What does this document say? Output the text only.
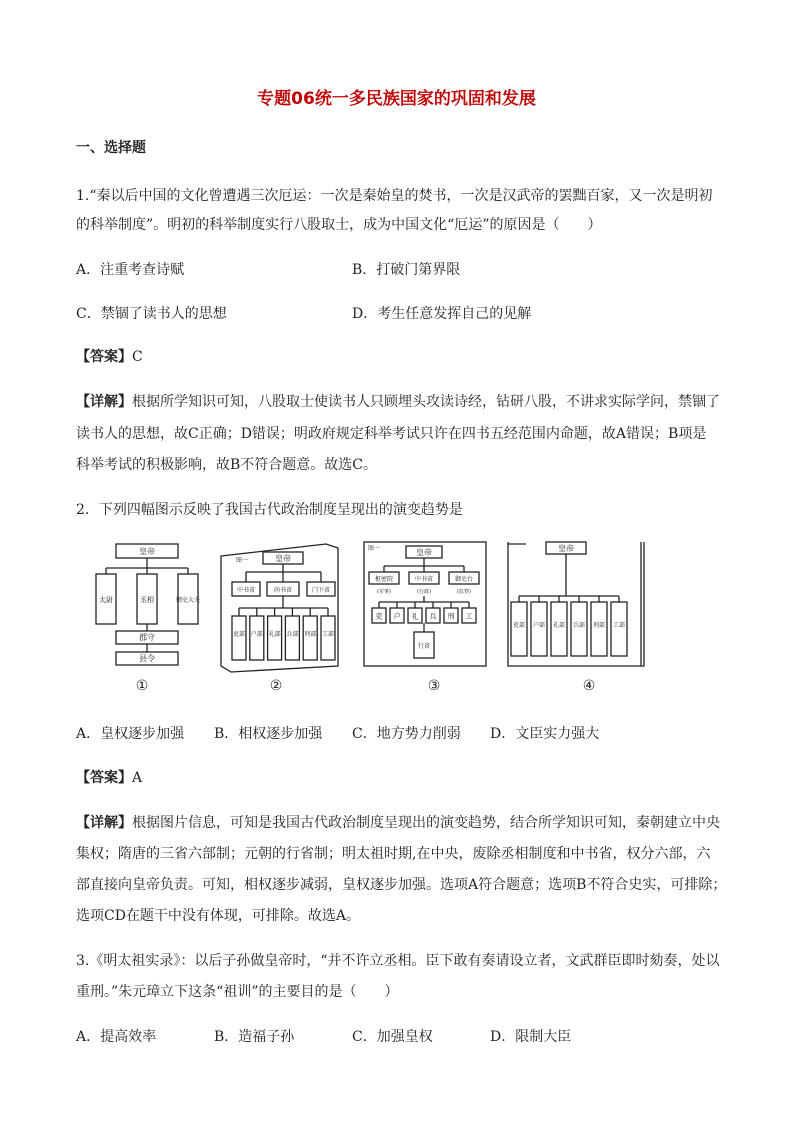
专题06统一多民族国家的巩固和发展
一、选择题
1.“秦以后中国的文化曾遭遇三次厄运：一次是秦始皇的焚书，一次是汉武帝的罢黜百家，又一次是明初
的科举制度”。明初的科举制度实行八股取士，成为中国文化“厄运”的原因是（　　）
A．注重考查诗赋	B．打破门第界限
C．禁锢了读书人的思想	D．考生任意发挥自己的见解
【答案】C
【详解】根据所学知识可知，八股取士使读书人只顾埋头攻读诗经，钻研八股，不讲求实际学问，禁锢了
读书人的思想，故C正确；D错误；明政府规定科举考试只许在四书五经范围内命题，故A错误；B项是
科举考试的积极影响，故B不符合题意。故选C。
2．下列四幅图示反映了我国古代政治制度呈现出的演变趋势是
皇帝
太尉	丞相	御史大夫
郡守
县令
图一	皇帝
中书省	尚书省	门下省
吏部 户部 礼部 兵部 刑部 工部
图一	皇帝
枢密院	中书省	御史台
(军事)	(行政)	(监察)
吏 户 礼 兵 刑 工
行省
皇帝
吏部 户部 礼部 兵部 刑部 工部
①	②	③	④
A．皇权逐步加强 B．相权逐步加强 C．地方势力削弱 D．文臣实力强大
【答案】A
【详解】根据图片信息，可知是我国古代政治制度呈现出的演变趋势，结合所学知识可知，秦朝建立中央
集权；隋唐的三省六部制；元朝的行省制；明太祖时期,在中央，废除丞相制度和中书省，权分六部，六
部直接向皇帝负责。可知，相权逐步减弱，皇权逐步加强。选项A符合题意；选项B不符合史实，可排除；
选项CD在题干中没有体现，可排除。故选A。
3.《明太祖实录》：以后子孙做皇帝时，“并不许立丞相。臣下敢有奏请设立者，文武群臣即时劾奏，处以
重刑。”朱元璋立下这条“祖训”的主要目的是（　　）
A．提高效率	B．造福子孙	C．加强皇权	D．限制大臣
